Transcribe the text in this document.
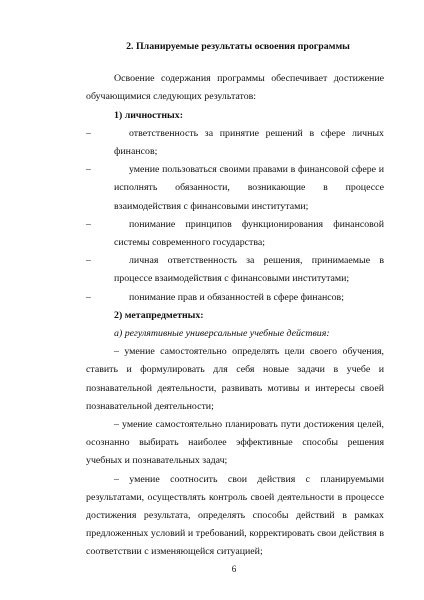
2. Планируемые результаты освоения программы

Освоение содержания программы обеспечивает достижение обучающимися следующих результатов:

1) личностных:

–	ответственность за принятие решений в сфере личных финансов;

–	умение пользоваться своими правами в финансовой сфере и исполнять обязанности, возникающие в процессе взаимодействия с финансовыми институтами;

–	понимание принципов функционирования финансовой системы современного государства;

–	личная ответственность за решения, принимаемые в процессе взаимодействия с финансовыми институтами;

–	понимание прав и обязанностей в сфере финансов;

2) метапредметных:

а) регулятивные универсальные учебные действия:

– умение самостоятельно определять цели своего обучения, ставить и формулировать для себя новые задачи в учебе и познавательной деятельности, развивать мотивы и интересы своей познавательной деятельности;

– умение самостоятельно планировать пути достижения целей, осознанно выбирать наиболее эффективные способы решения учебных и познавательных задач;

– умение соотносить свои действия с планируемыми результатами, осуществлять контроль своей деятельности в процессе достижения результата, определять способы действий в рамках предложенных условий и требований, корректировать свои действия в соответствии с изменяющейся ситуацией;

6
